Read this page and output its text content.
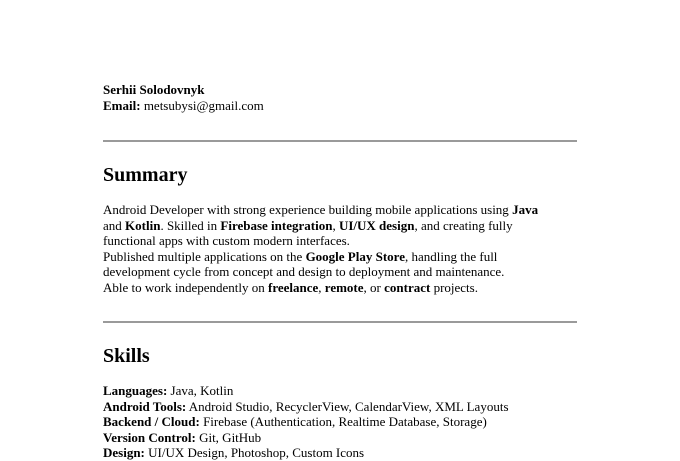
Serhii Solodovnyk
Email: metsubysi@gmail.com
Summary
Android Developer with strong experience building mobile applications using Java
and Kotlin. Skilled in Firebase integration, UI/UX design, and creating fully
functional apps with custom modern interfaces.
Published multiple applications on the Google Play Store, handling the full
development cycle from concept and design to deployment and maintenance.
Able to work independently on freelance, remote, or contract projects.
Skills
Languages: Java, Kotlin
Android Tools: Android Studio, RecyclerView, CalendarView, XML Layouts
Backend / Cloud: Firebase (Authentication, Realtime Database, Storage)
Version Control: Git, GitHub
Design: UI/UX Design, Photoshop, Custom Icons
